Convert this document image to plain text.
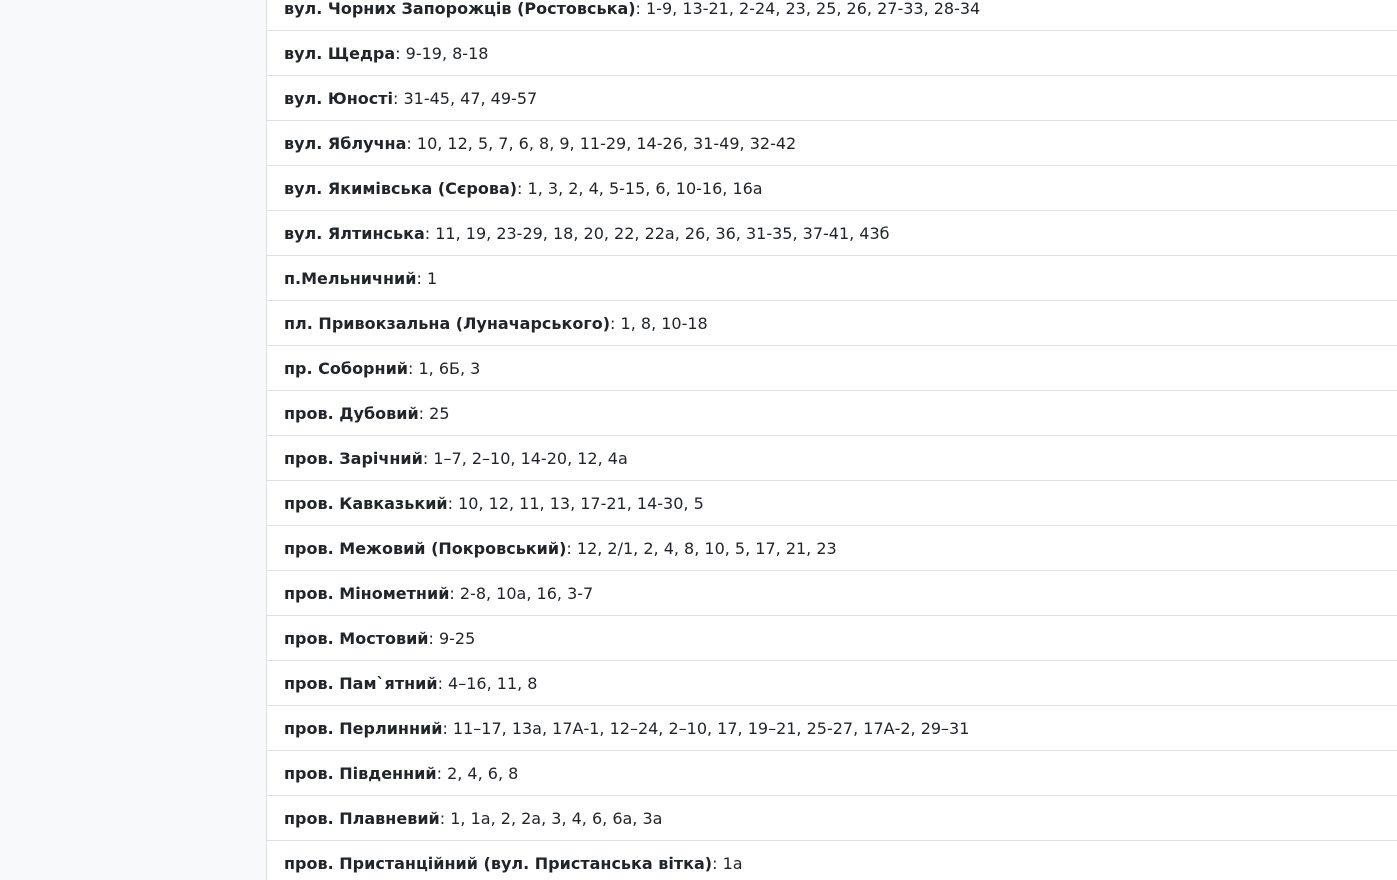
вул. Чорних Запорожців (Ростовська) : 1-9, 13-21, 2-24, 23, 25, 26, 27-33, 28-34
вул. Щедра : 9-19, 8-18
вул. Юності : 31-45, 47, 49-57
вул. Яблучна : 10, 12, 5, 7, 6, 8, 9, 11-29, 14-26, 31-49, 32-42
вул. Якимівська (Сєрова) : 1, 3, 2, 4, 5-15, 6, 10-16, 16а
вул. Ялтинська : 11, 19, 23-29, 18, 20, 22, 22а, 26, 36, 31-35, 37-41, 43б
п.Мельничний : 1
пл. Привокзальна (Луначарського) : 1, 8, 10-18
пр. Соборний : 1, 6Б, 3
пров. Дубовий : 25
пров. Зарічний : 1–7, 2–10, 14-20, 12, 4а
пров. Кавказький : 10, 12, 11, 13, 17-21, 14-30, 5
пров. Межовий (Покровський) : 12, 2/1, 2, 4, 8, 10, 5, 17, 21, 23
пров. Мінометний : 2-8, 10а, 16, 3-7
пров. Мостовий : 9-25
пров. Пам`ятний : 4–16, 11, 8
пров. Перлинний : 11–17, 13а, 17А-1, 12–24, 2–10, 17, 19–21, 25-27, 17А-2, 29–31
пров. Південний : 2, 4, 6, 8
пров. Плавневий : 1, 1а, 2, 2а, 3, 4, 6, 6а, 3а
пров. Пристанційний (вул. Пристанська вітка) : 1а
